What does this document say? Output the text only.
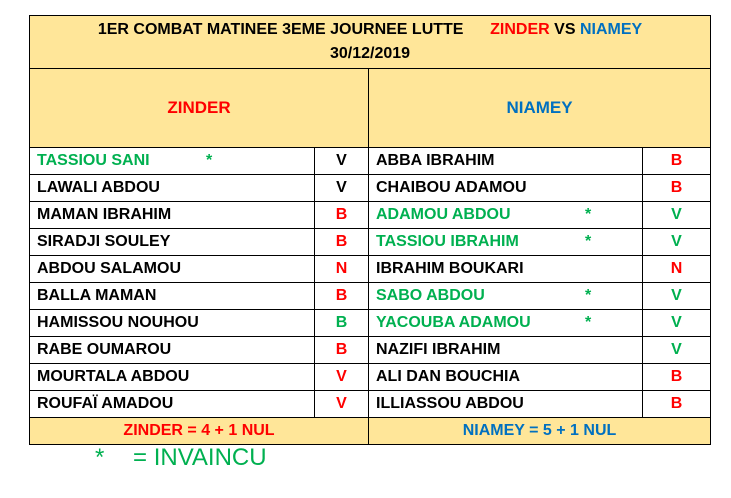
1ER COMBAT MATINEE 3EME JOURNEE LUTTE ZINDER VS NIAMEY
30/12/2019			

ZINDER		NIAMEY	
TASSIOU SANI *	V	ABBA IBRAHIM	B
LAWALI ABDOU	V	CHAIBOU ADAMOU	B
MAMAN IBRAHIM	B	ADAMOU ABDOU *	V
SIRADJI SOULEY	B	TASSIOU IBRAHIM *	V
ABDOU SALAMOU	N	IBRAHIM BOUKARI	N
BALLA MAMAN	B	SABO ABDOU *	V
HAMISSOU NOUHOU	B	YACOUBA ADAMOU *	V
RABE OUMAROU	B	NAZIFI IBRAHIM	V
MOURTALA ABDOU	V	ALI DAN BOUCHIA	B
ROUFAÏ AMADOU	V	ILLIASSOU ABDOU	B
ZINDER = 4 + 1 NUL		NIAMEY = 5 + 1 NUL	
* = INVAINCU
